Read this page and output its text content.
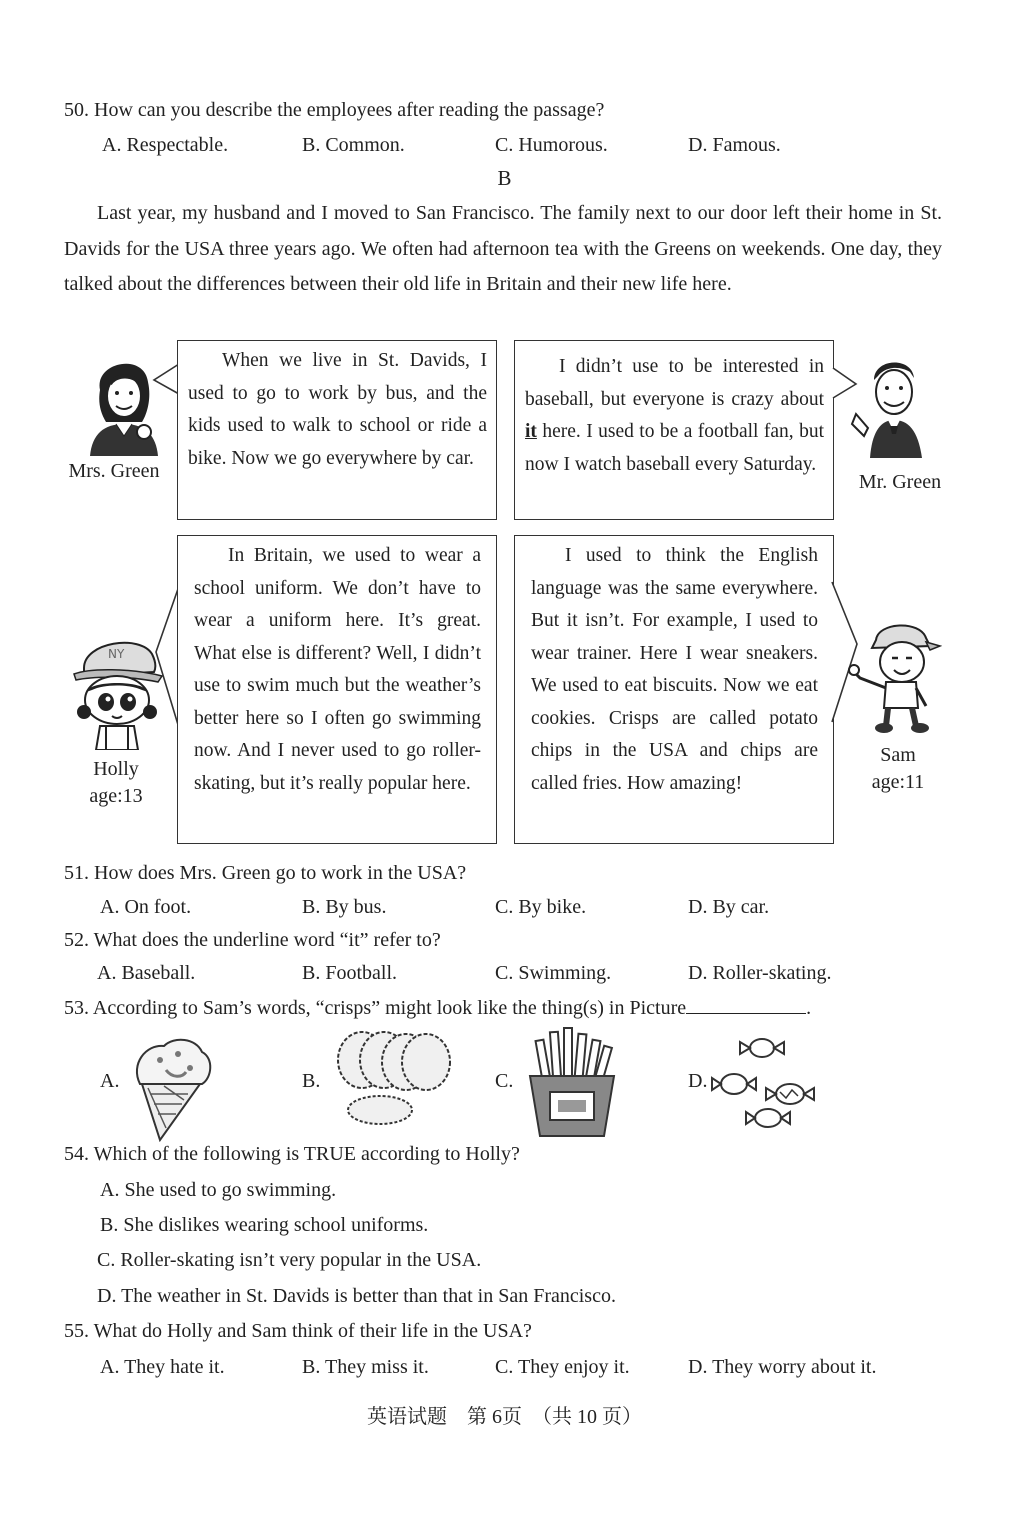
50. How can you describe the employees after reading the passage?
A. Respectable.	B. Common.	C. Humorous.	D. Famous.
B
Last year, my husband and I moved to San Francisco. The family next to our door left their home in St. Davids for the USA three years ago. We often had afternoon tea with the Greens on weekends. One day, they talked about the differences between their old life in Britain and their new life here.
Mrs. Green

When we live in St. Davids, I used to go to work by bus, and the kids used to walk to school or ride a bike. Now we go everywhere by car.

I didn’t use to be interested in baseball, but everyone is crazy about it here. I used to be a football fan, but now I watch baseball every Saturday.

Mr. Green
NY
Holly
age:13

In Britain, we used to wear a school uniform. We don’t have to wear a uniform here. It’s great. What else is different? Well, I didn’t use to swim much but the weather’s better here so I often go swimming now. And I never used to go roller-skating, but it’s really popular here.

I used to think the English language was the same everywhere. But it isn’t. For example, I used to wear trainer. Here I wear sneakers. We used to eat biscuits. Now we eat cookies. Crisps are called potato chips in the USA and chips are called fries. How amazing!

Sam
age:11
51. How does Mrs. Green go to work in the USA?
A. On foot.	B. By bus.	C. By bike.	D. By car.
52. What does the underline word “it” refer to?
A. Baseball.	B. Football.	C. Swimming.	D. Roller-skating.
53. According to Sam’s words, “crisps” might look like the thing(s) in Picture	.
A.	B.	C.	D.
54. Which of the following is TRUE according to Holly?
A. She used to go swimming.
B. She dislikes wearing school uniforms.
C. Roller-skating isn’t very popular in the USA.
D. The weather in St. Davids is better than that in San Francisco.
55. What do Holly and Sam think of their life in the USA?
A. They hate it.	B. They miss it.	C. They enjoy it.	D. They worry about it.
英语试题　第 6页　（共 10 页）
